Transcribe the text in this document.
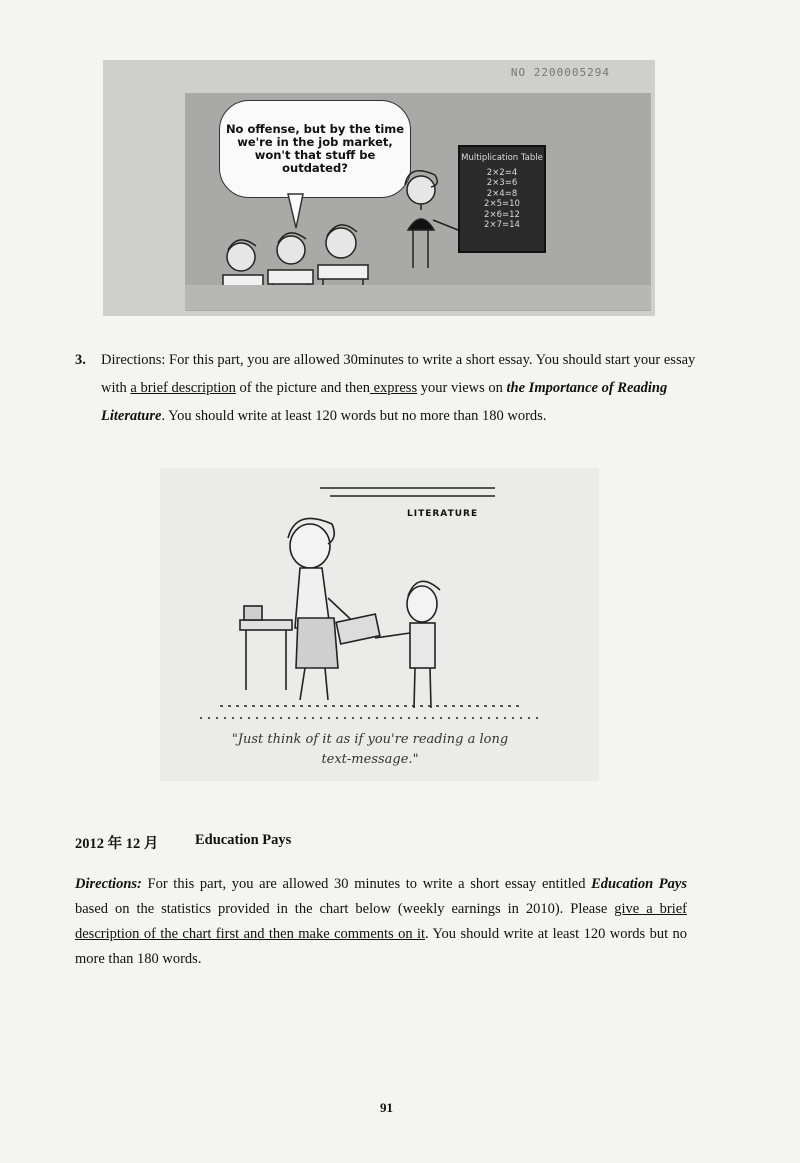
NO 2200005294
No offense, but by the time we're in the job market, won't that stuff be outdated?
Multiplication Table
2×2=4
2×3=6
2×4=8
2×5=10
2×6=12
2×7=14
3. Directions: For this part, you are allowed 30minutes to write a short essay. You should start your essay with a brief description of the picture and then express your views on the Importance of Reading Literature. You should write at least 120 words but no more than 180 words.
LITERATURE
"Just think of it as if you're reading a long text-message."
2012 年 12 月	Education Pays
Directions: For this part, you are allowed 30 minutes to write a short essay entitled Education Pays based on the statistics provided in the chart below (weekly earnings in 2010). Please give a brief description of the chart first and then make comments on it. You should write at least 120 words but no more than 180 words.
91
